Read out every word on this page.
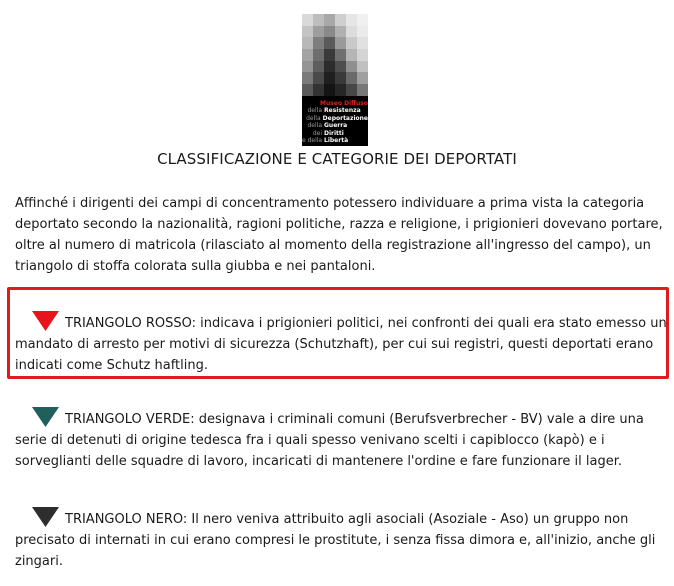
Museo Diffuso
della Resistenza
della Deportazione
della Guerra
dei Diritti
e della Libertà
CLASSIFICAZIONE E CATEGORIE DEI DEPORTATI

Affinché i dirigenti dei campi di concentramento potessero individuare a prima vista la categoria deportato secondo la nazionalità, ragioni politiche, razza e religione, i prigionieri dovevano portare, oltre al numero di matricola (rilasciato al momento della registrazione all'ingresso del campo), un triangolo di stoffa colorata sulla giubba e nei pantaloni.

TRIANGOLO ROSSO: indicava i prigionieri politici, nei confronti dei quali era stato emesso un mandato di arresto per motivi di sicurezza (Schutzhaft), per cui sui registri, questi deportati erano indicati come Schutz haftling.

TRIANGOLO VERDE: designava i criminali comuni (Berufsverbrecher - BV) vale a dire una serie di detenuti di origine tedesca fra i quali spesso venivano scelti i capiblocco (kapò) e i sorveglianti delle squadre di lavoro, incaricati di mantenere l'ordine e fare funzionare il lager.

TRIANGOLO NERO: Il nero veniva attribuito agli asociali (Asoziale - Aso) un gruppo non precisato di internati in cui erano compresi le prostitute, i senza fissa dimora e, all'inizio, anche gli zingari.
